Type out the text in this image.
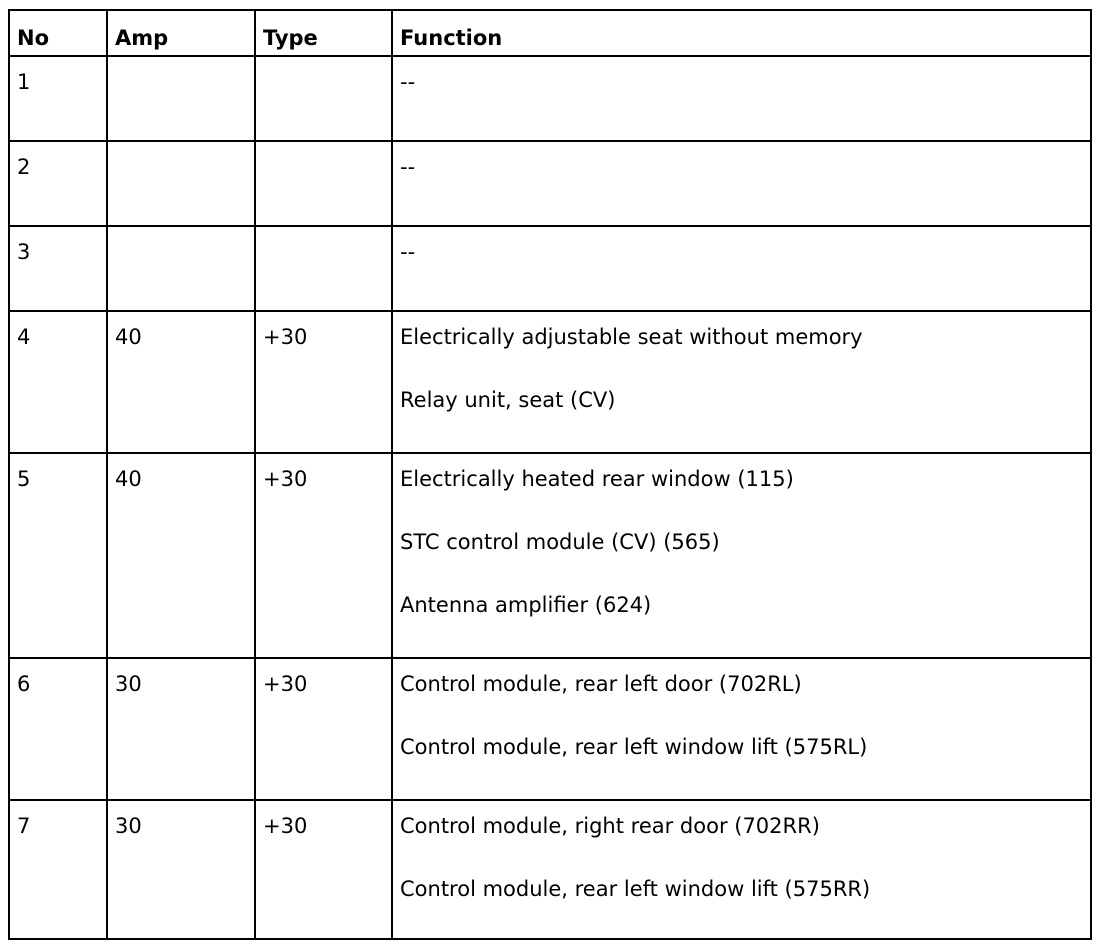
No	Amp	Type	Function
1			--

2			--

3			--

4	40	+30	Electrically adjustable seat without memory
Relay unit, seat (CV)

5	40	+30	Electrically heated rear window (115)
STC control module (CV) (565)
Antenna amplifier (624)

6	30	+30	Control module, rear left door (702RL)
Control module, rear left window lift (575RL)

7	30	+30	Control module, right rear door (702RR)
Control module, rear left window lift (575RR)
